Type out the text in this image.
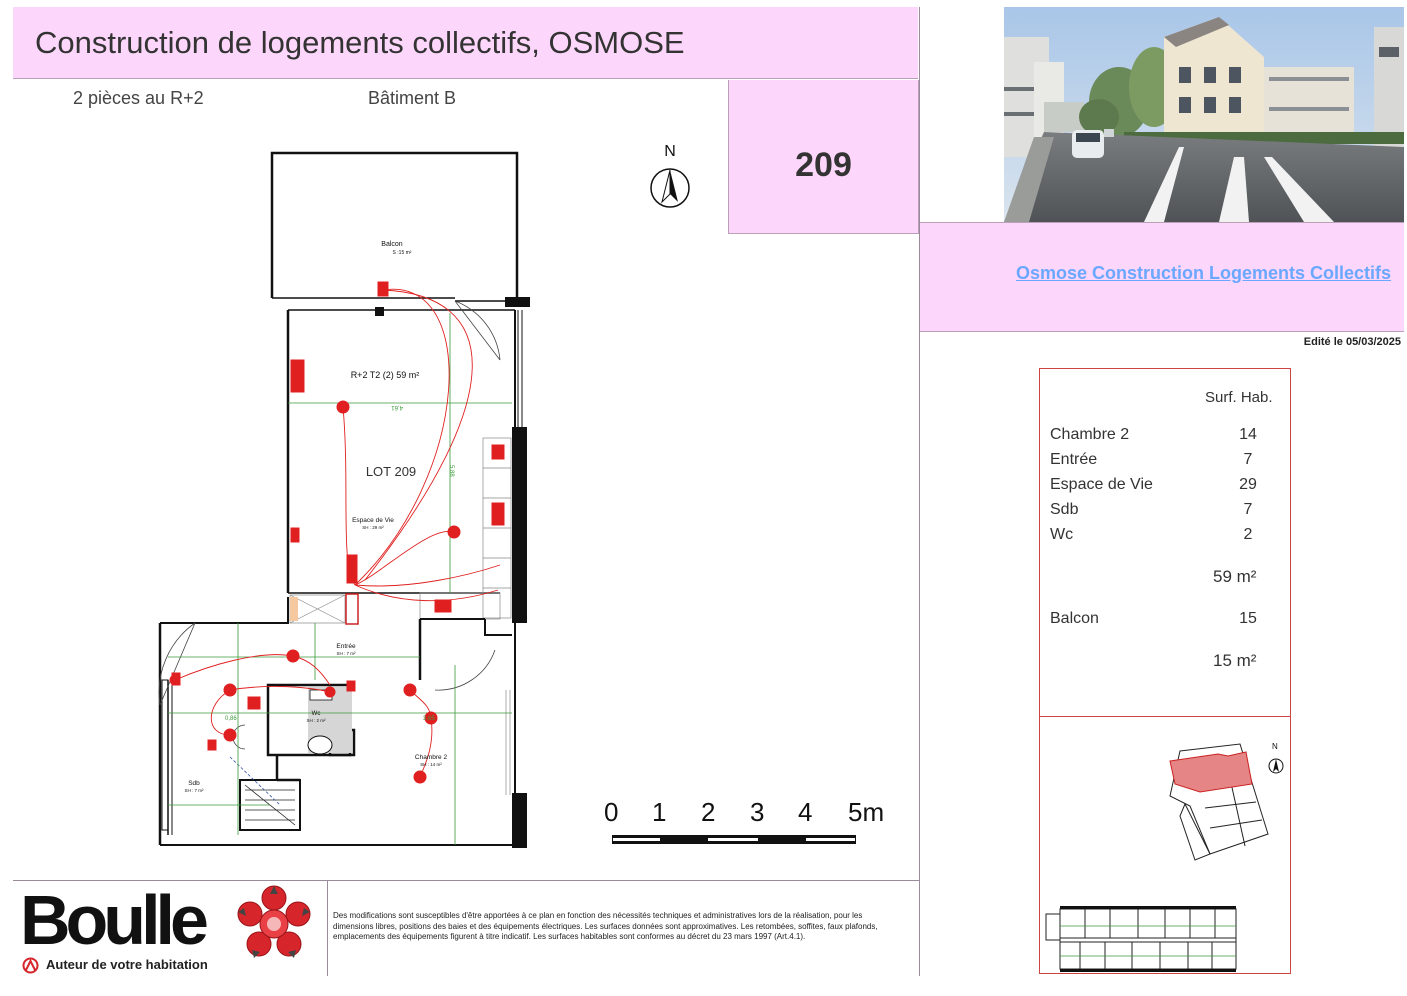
Construction de logements collectifs, OSMOSE
2 pièces au R+2	Bâtiment B
209
N
Osmose Construction Logements Collectifs
Edité le 05/03/2025
Surf. Hab.
Chambre 2	14
Entrée	7
Espace de Vie	29
Sdb	7
Wc	2
59 m²
Balcon	15
15 m²
N
Balcon
S :15 m²
4,61
5,88
0,86	3,65
R+2 T2 (2) 59 m²
LOT 209
Espace de Vie
SH : 29 m²
Entrée
SH : 7 m²
Wc
SH : 2 m²
Sdb
SH : 7 m²
Chambre 2
SH : 14 m²
0 1 2 3 4 5m
Boulle
Auteur de votre habitation
Des modifications sont susceptibles d'être apportées à ce plan en fonction des nécessités techniques et administratives lors de la réalisation, pour les dimensions libres, positions des baies et des équipements électriques. Les surfaces données sont approximatives. Les retombées, soffites, faux plafonds, emplacements des équipements figurent à titre indicatif. Les surfaces habitables sont conformes au décret du 23 mars 1997 (Art.4.1).
